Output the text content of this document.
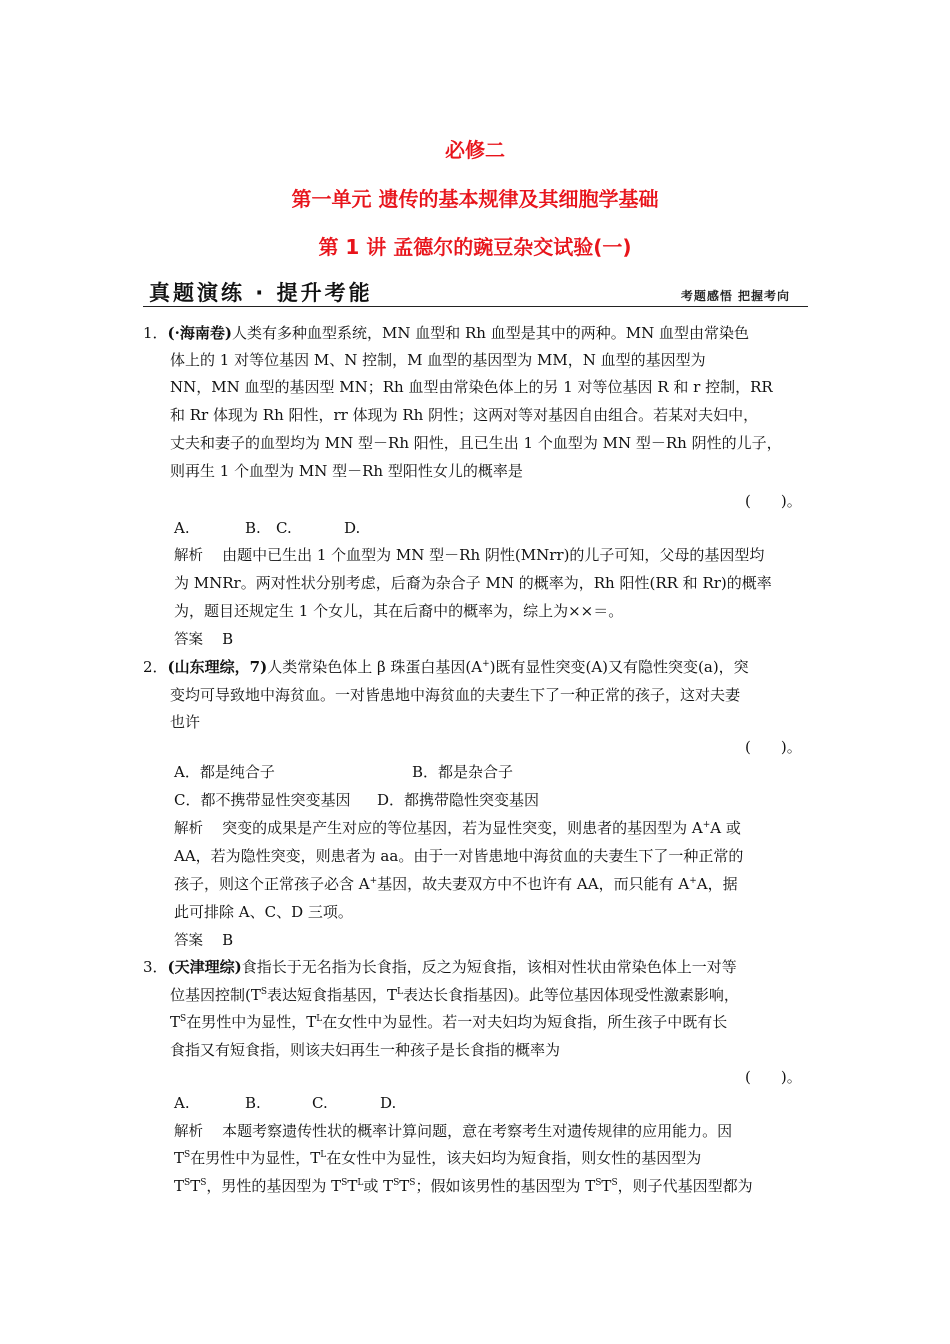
必修二
第一单元 遗传的基本规律及其细胞学基础
第 1 讲 孟德尔的豌豆杂交试验(一)
真题演练 · 提升考能	考题感悟 把握考向
1．(·海南卷)人类有多种血型系统，MN 血型和 Rh 血型是其中的两种。MN 血型由常染色
体上的 1 对等位基因 M、N 控制，M 血型的基因型为 MM，N 血型的基因型为
NN，MN 血型的基因型 MN；Rh 血型由常染色体上的另 1 对等位基因 R 和 r 控制，RR
和 Rr 体现为 Rh 阳性，rr 体现为 Rh 阴性；这两对等对基因自由组合。若某对夫妇中，
丈夫和妻子的血型均为 MN 型－Rh 阳性，且已生出 1 个血型为 MN 型－Rh 阴性的儿子，
则再生 1 个血型为 MN 型－Rh 型阳性女儿的概率是
(　　)。
A.	B. C.	D.
解析 由题中已生出 1 个血型为 MN 型－Rh 阴性(MNrr)的儿子可知，父母的基因型均
为 MNRr。两对性状分别考虑，后裔为杂合子 MN 的概率为，Rh 阳性(RR 和 Rr)的概率
为，题目还规定生 1 个女儿，其在后裔中的概率为，综上为××＝。
答案 B
2．(山东理综，7)人类常染色体上 β 珠蛋白基因(A+)既有显性突变(A)又有隐性突变(a)，突
变均可导致地中海贫血。一对皆患地中海贫血的夫妻生下了一种正常的孩子，这对夫妻
也许
(　　)。
A．都是纯合子	B．都是杂合子
C．都不携带显性突变基因 D．都携带隐性突变基因
解析 突变的成果是产生对应的等位基因，若为显性突变，则患者的基因型为 A+A 或
AA，若为隐性突变，则患者为 aa。由于一对皆患地中海贫血的夫妻生下了一种正常的
孩子，则这个正常孩子必含 A+基因，故夫妻双方中不也许有 AA，而只能有 A+A，据
此可排除 A、C、D 三项。
答案 B
3．(天津理综)食指长于无名指为长食指，反之为短食指，该相对性状由常染色体上一对等
位基因控制($T^S$表达短食指基因，$T^L$表达长食指基因)。此等位基因体现受性激素影响，
$T^S$在男性中为显性，$T^L$在女性中为显性。若一对夫妇均为短食指，所生孩子中既有长
食指又有短食指，则该夫妇再生一种孩子是长食指的概率为
(　　)。
A.	B.	C.	D.
解析 本题考察遗传性状的概率计算问题，意在考察考生对遗传规律的应用能力。因
$T^S$在男性中为显性，$T^L$在女性中为显性，该夫妇均为短食指，则女性的基因型为
$T^ST^S$，男性的基因型为 $T^ST^L$或 $T^ST^S$；假如该男性的基因型为 $T^ST^S$，则子代基因型都为
